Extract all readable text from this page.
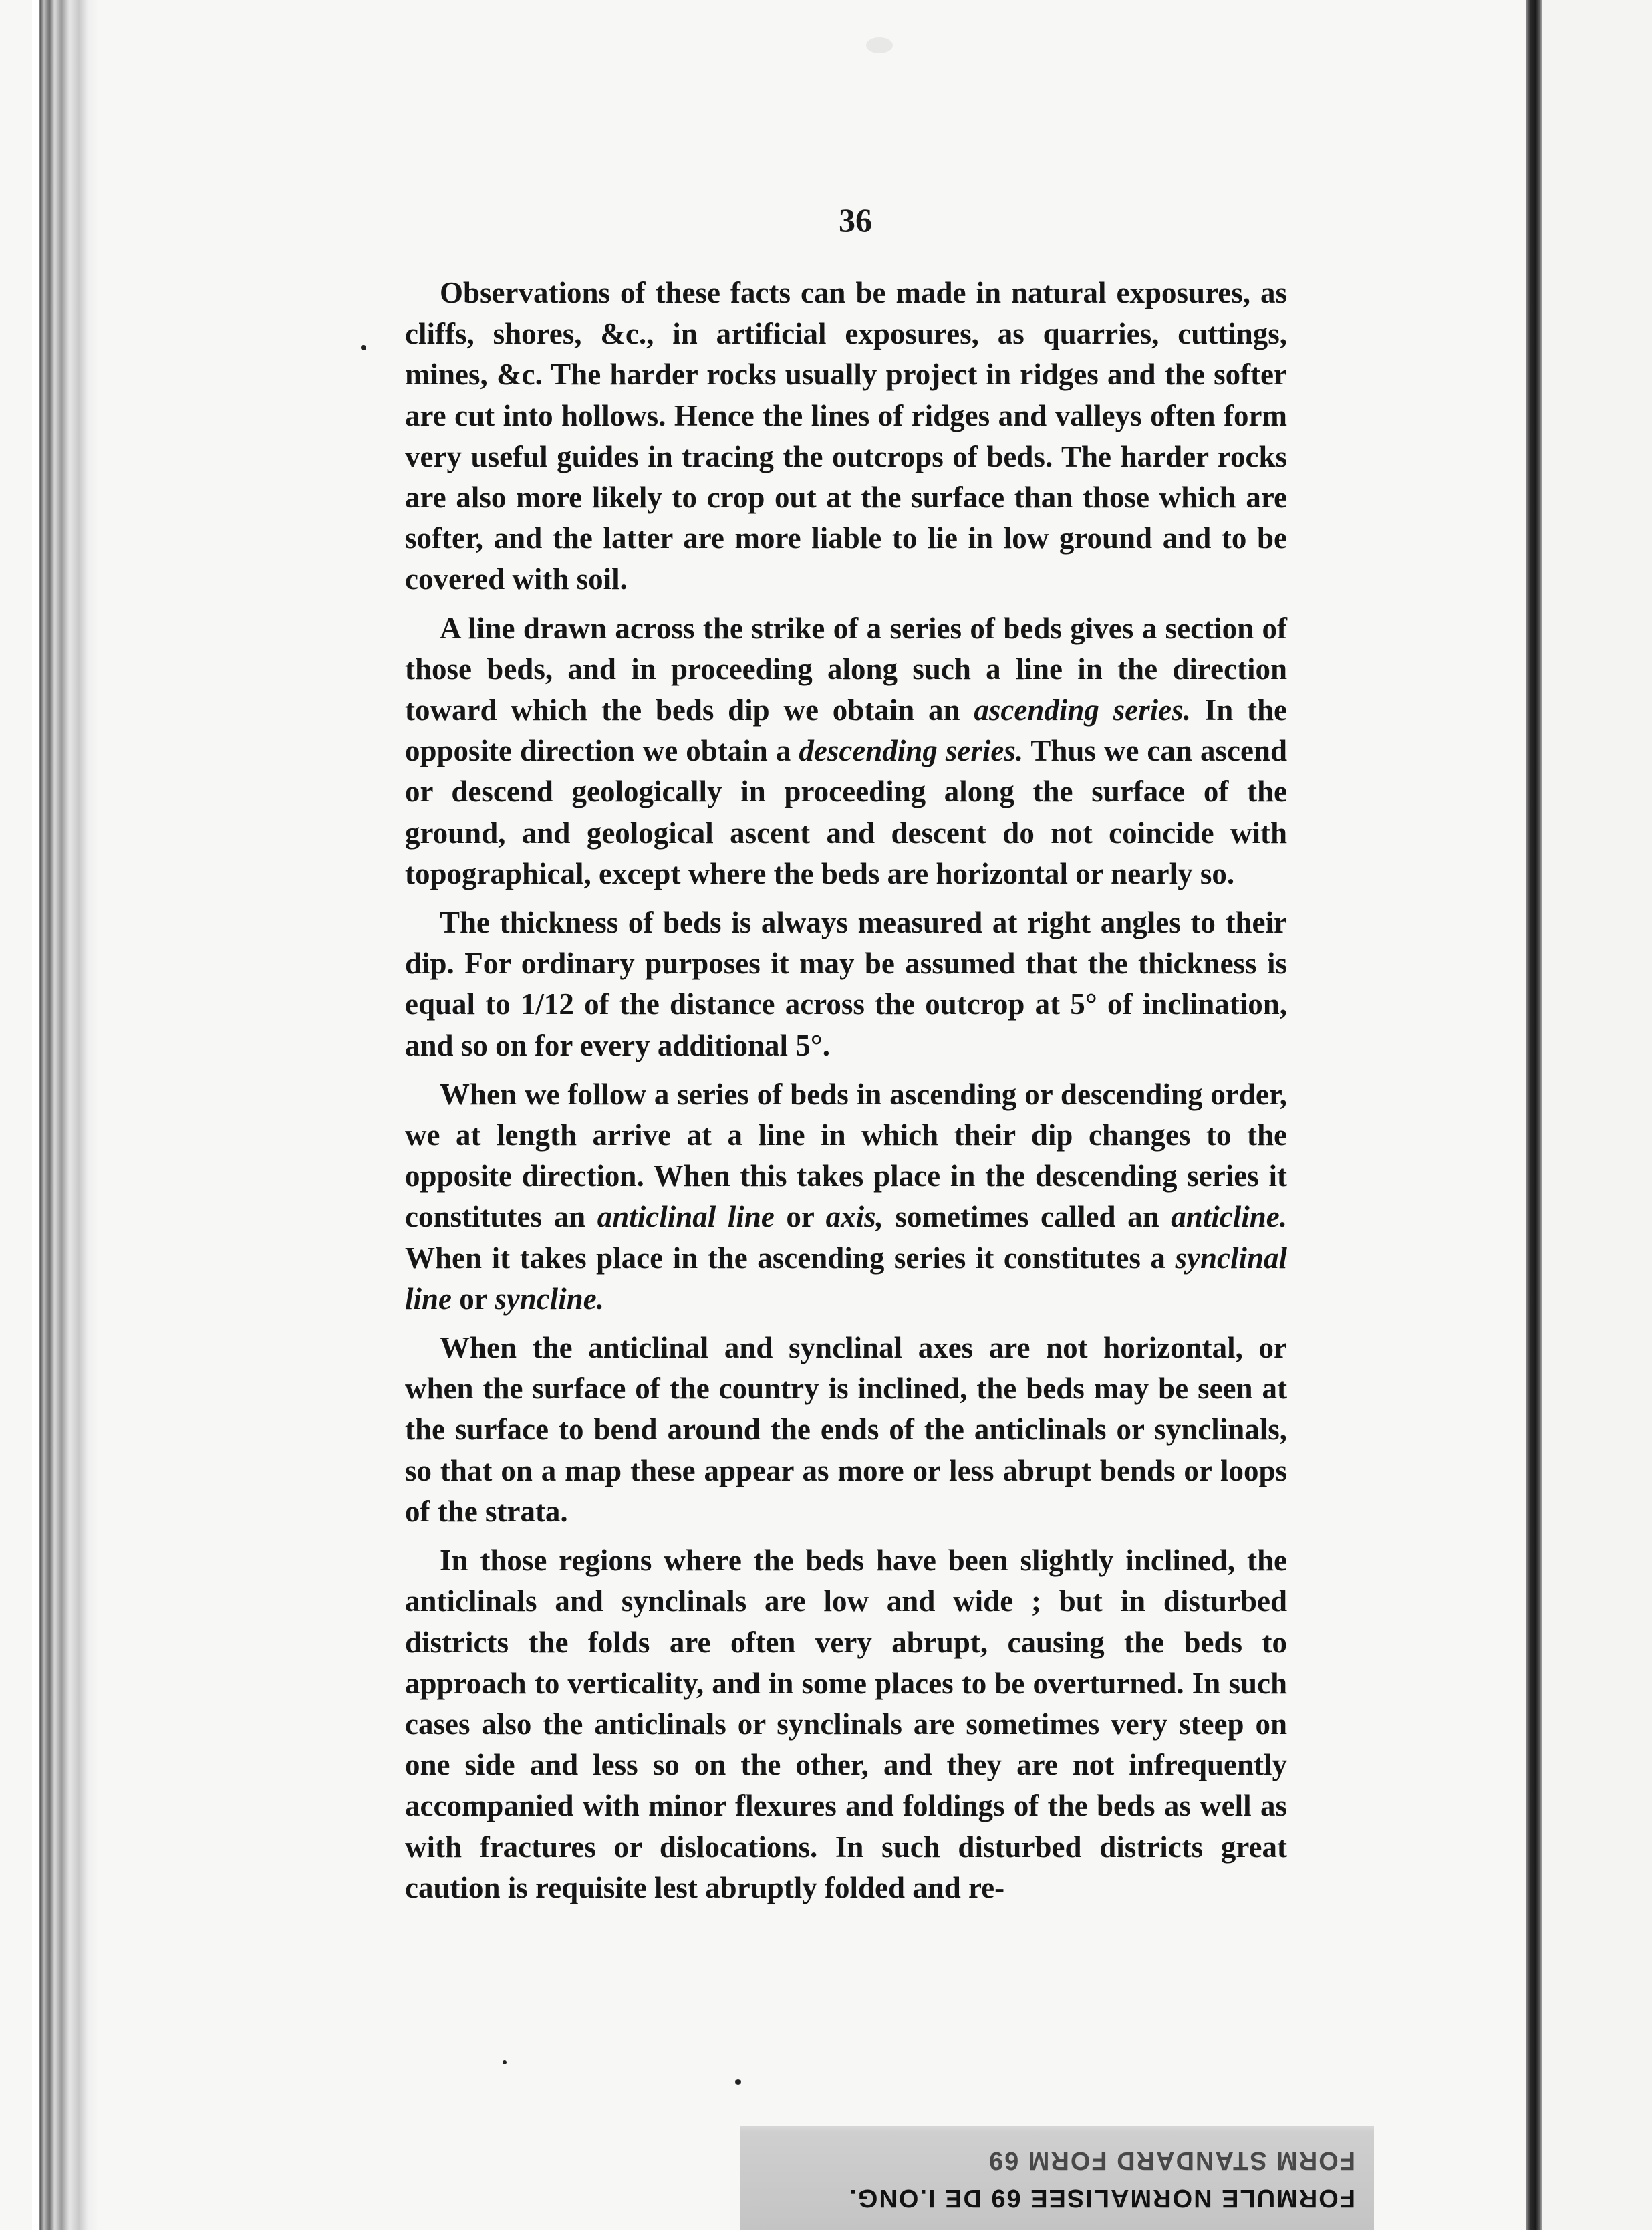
36

Observations of these facts can be made in natural exposures, as cliffs, shores, &c., in artificial exposures, as quarries, cuttings, mines, &c. The harder rocks usually project in ridges and the softer are cut into hollows. Hence the lines of ridges and valleys often form very useful guides in tracing the outcrops of beds. The harder rocks are also more likely to crop out at the surface than those which are softer, and the latter are more liable to lie in low ground and to be covered with soil.

A line drawn across the strike of a series of beds gives a section of those beds, and in proceeding along such a line in the direction toward which the beds dip we obtain an ascending series. In the opposite direction we obtain a descending series. Thus we can ascend or descend geologically in proceeding along the surface of the ground, and geological ascent and descent do not coincide with topographical, except where the beds are horizontal or nearly so.

The thickness of beds is always measured at right angles to their dip. For ordinary purposes it may be assumed that the thickness is equal to 1/12 of the distance across the outcrop at 5° of inclination, and so on for every additional 5°.

When we follow a series of beds in ascending or descending order, we at length arrive at a line in which their dip changes to the opposite direction. When this takes place in the descending series it constitutes an anticlinal line or axis, sometimes called an anticline. When it takes place in the ascending series it constitutes a synclinal line or syncline.

When the anticlinal and synclinal axes are not horizontal, or when the surface of the country is inclined, the beds may be seen at the surface to bend around the ends of the anticlinals or synclinals, so that on a map these appear as more or less abrupt bends or loops of the strata.

In those regions where the beds have been slightly inclined, the anticlinals and synclinals are low and wide ; but in disturbed districts the folds are often very abrupt, causing the beds to approach to verticality, and in some places to be overturned. In such cases also the anticlinals or synclinals are sometimes very steep on one side and less so on the other, and they are not infrequently accompanied with minor flexures and foldings of the beds as well as with fractures or dislocations. In such disturbed districts great caution is requisite lest abruptly folded and re-

FORMULE NORMALISEE 69 DE I.ONG.
FORM STANDARD FORM 69
